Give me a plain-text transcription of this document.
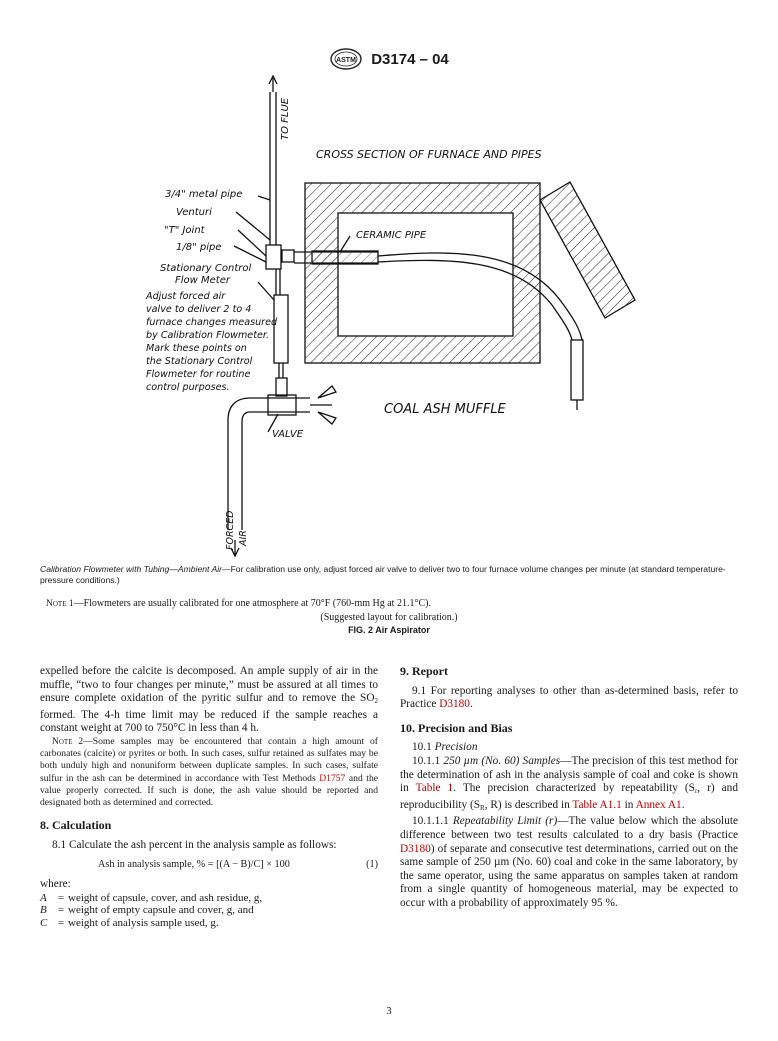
ASTM D3174 – 04
TO FLUE
CROSS SECTION OF FURNACE AND PIPES
3/4" metal pipe
Venturi
"T" Joint
1/8" pipe
Stationary Control
Flow Meter
Adjust forced air
valve to deliver 2 to 4
furnace changes measured
by Calibration Flowmeter.
Mark these points on
the Stationary Control
Flowmeter for routine
control purposes.
CERAMIC PIPE
COAL ASH MUFFLE
VALVE
FORCED AIR
Calibration Flowmeter with Tubing—Ambient Air—For calibration use only, adjust forced air valve to deliver two to four furnace volume changes per minute (at standard temperature-pressure conditions.)
Note 1—Flowmeters are usually calibrated for one atmosphere at 70°F (760-mm Hg at 21.1°C).
(Suggested layout for calibration.)
FIG. 2 Air Aspirator

expelled before the calcite is decomposed. An ample supply of air in the muffle, “two to four changes per minute,” must be assured at all times to ensure complete oxidation of the pyritic sulfur and to remove the $SO_2$ formed. The 4-h time limit may be reduced if the sample reaches a constant weight at 700 to 750°C in less than 4 h.

Note 2—Some samples may be encountered that contain a high amount of carbonates (calcite) or pyrites or both. In such cases, sulfur retained as sulfates may be both unduly high and nonuniform between duplicate samples. In such cases, sulfate sulfur in the ash can be determined in accordance with Test Methods D1757 and the value properly corrected. If such is done, the ash value should be reported and designated both as determined and corrected.

8. Calculation

8.1 Calculate the ash percent in the analysis sample as follows:

Ash in analysis sample, % = [(A − B)/C] × 100	(1)

where:

A	= weight of capsule, cover, and ash residue, g,
B	= weight of empty capsule and cover, g, and
C = weight of analysis sample used, g.
9. Report

9.1 For reporting analyses to other than as-determined basis, refer to Practice D3180.

10. Precision and Bias

10.1 Precision

10.1.1 250 µm (No. 60) Samples—The precision of this test method for the determination of ash in the analysis sample of coal and coke is shown in Table 1. The precision characterized by repeatability ($S_r$, r) and reproducibility ($S_R$, R) is described in Table A1.1 in Annex A1.

10.1.1.1 Repeatability Limit (r)—The value below which the absolute difference between two test results calculated to a dry basis (Practice D3180) of separate and consecutive test determinations, carried out on the same sample of 250 µm (No. 60) coal and coke in the same laboratory, by the same operator, using the same apparatus on samples taken at random from a single quantity of homogeneous material, may be expected to occur with a probability of approximately 95 %.

3
